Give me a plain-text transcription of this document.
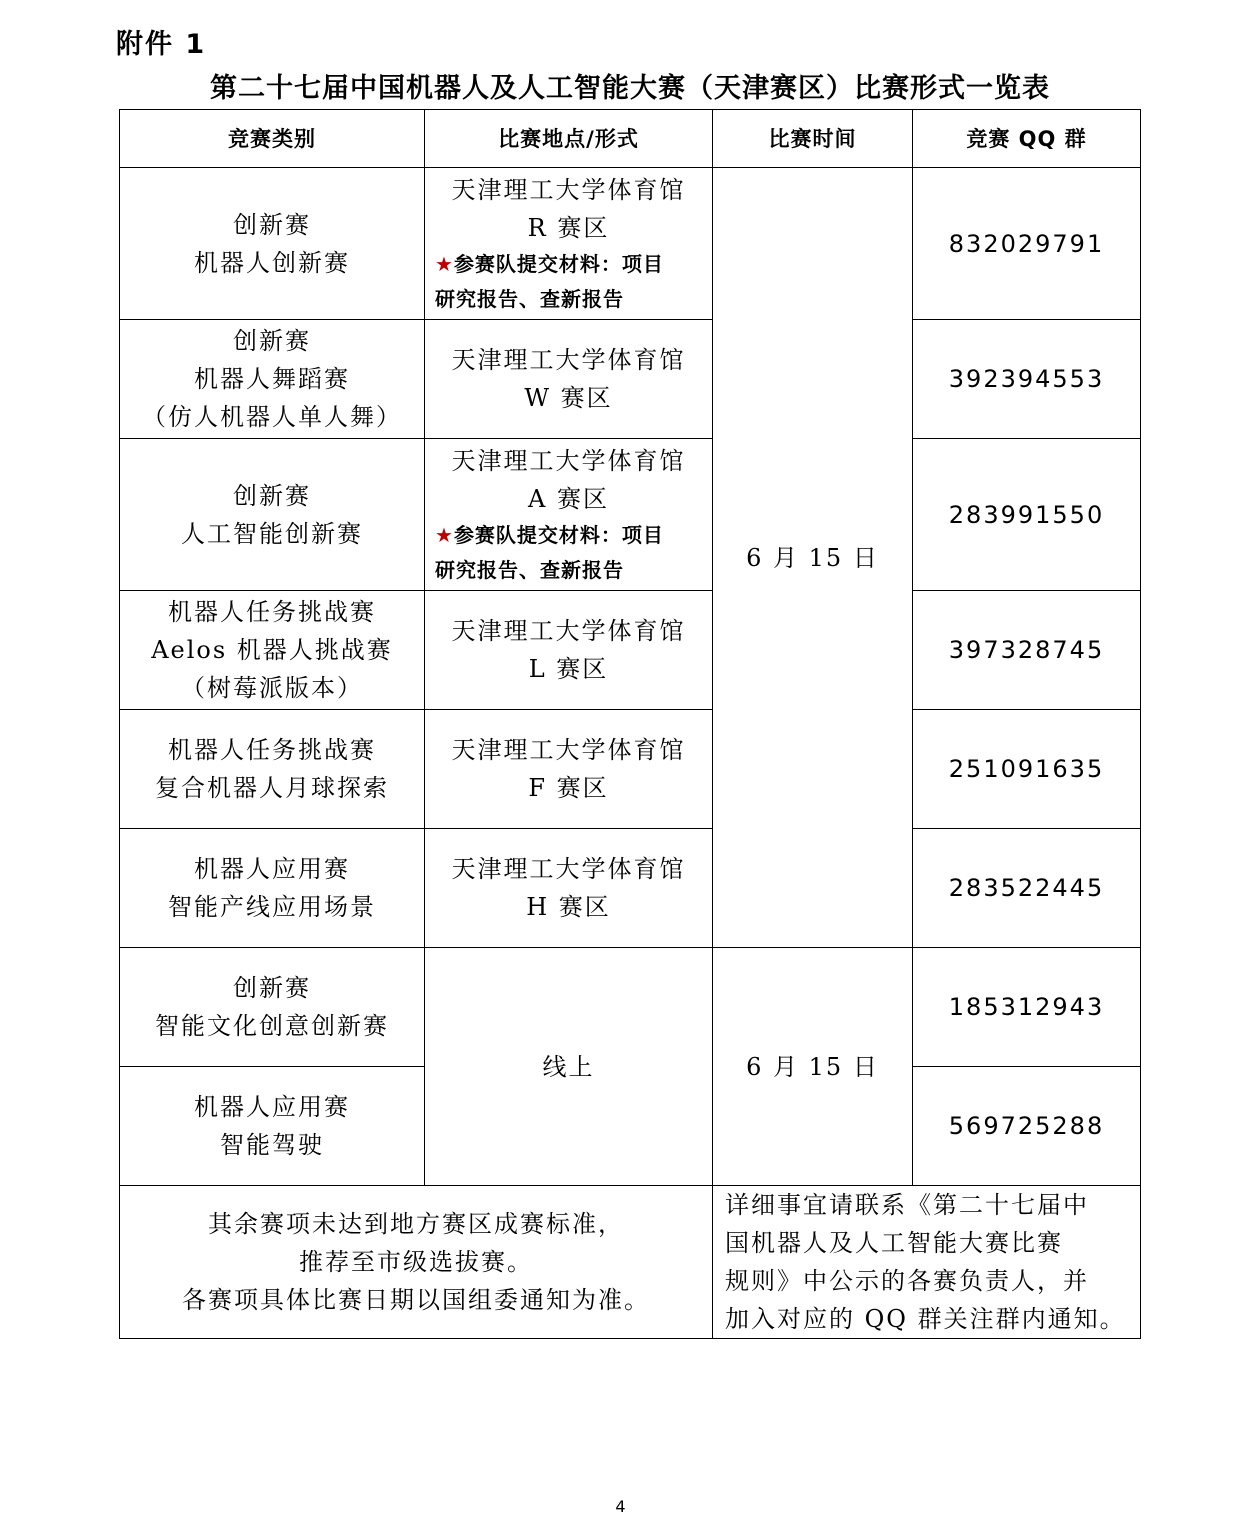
附件 1
第二十七届中国机器人及人工智能大赛（天津赛区）比赛形式一览表
竞赛类别	比赛地点/形式	比赛时间	竞赛 QQ 群

创新赛
机器人创新赛	天津理工大学体育馆
R 赛区
★参赛队提交材料：项目
研究报告、查新报告	6 月 15 日	832029791

创新赛
机器人舞蹈赛
（仿人机器人单人舞）	天津理工大学体育馆
W 赛区		392394553

创新赛
人工智能创新赛	天津理工大学体育馆
A 赛区
★参赛队提交材料：项目
研究报告、查新报告		283991550

机器人任务挑战赛
Aelos 机器人挑战赛
（树莓派版本）	天津理工大学体育馆
L 赛区		397328745

机器人任务挑战赛
复合机器人月球探索	天津理工大学体育馆
F 赛区		251091635

机器人应用赛
智能产线应用场景	天津理工大学体育馆
H 赛区		283522445

创新赛
智能文化创意创新赛	线上	6 月 15 日	185312943

机器人应用赛
智能驾驶			569725288

其余赛项未达到地方赛区成赛标准，
推荐至市级选拔赛。
各赛项具体比赛日期以国组委通知为准。		详细事宜请联系《第二十七届中
国机器人及人工智能大赛比赛
规则》中公示的各赛负责人，并
加入对应的 QQ 群关注群内通知。	
4
